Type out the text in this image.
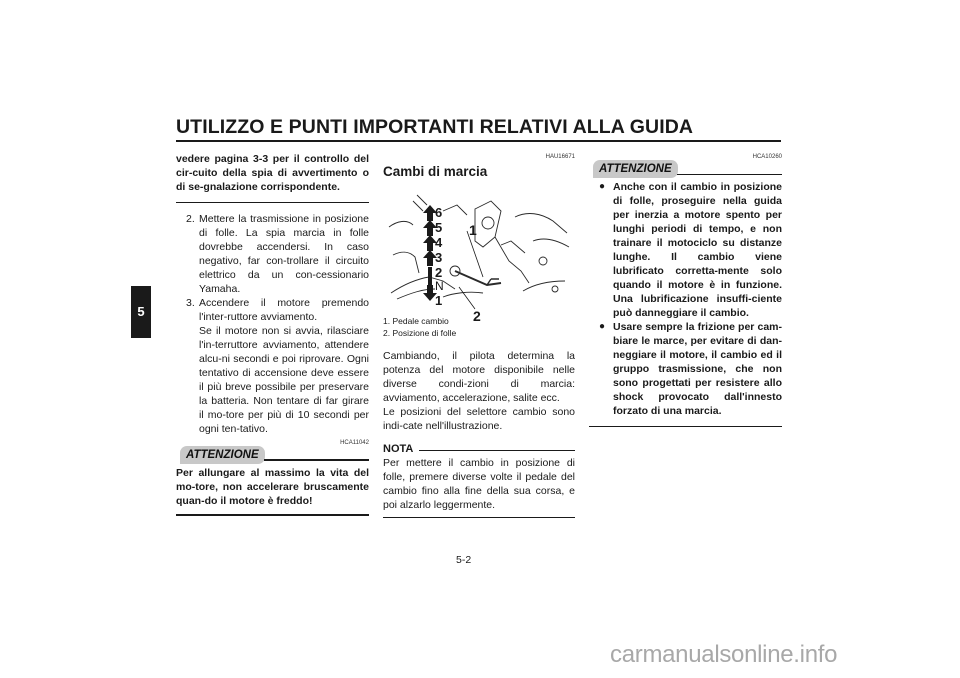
UTILIZZO E PUNTI IMPORTANTI RELATIVI ALLA GUIDA
5
vedere pagina 3-3 per il controllo del cir-cuito della spia di avvertimento o di se-gnalazione corrispondente.
2. Mettere la trasmissione in posizione di folle. La spia marcia in folle dovrebbe accendersi. In caso negativo, far con-trollare il circuito elettrico da un con-cessionario Yamaha.
3. Accendere il motore premendo l'inter-ruttore avviamento.
Se il motore non si avvia, rilasciare l'in-terruttore avviamento, attendere alcu-ni secondi e poi riprovare. Ogni tentativo di accensione deve essere il più breve possibile per preservare la batteria. Non tentare di far girare il mo-tore per più di 10 secondi per ogni ten-tativo.
ATTENZIONE
HCA11042
Per allungare al massimo la vita del mo-tore, non accelerare bruscamente quan-do il motore è freddo!
HAU16671
Cambi di marcia
6
5
4
3
2
N
1
1
2
1. Pedale cambio
2. Posizione di folle
Cambiando, il pilota determina la potenza del motore disponibile nelle diverse condi-zioni di marcia: avviamento, accelerazione, salite ecc.
Le posizioni del selettore cambio sono indi-cate nell'illustrazione.
NOTA
Per mettere il cambio in posizione di folle, premere diverse volte il pedale del cambio fino alla fine della sua corsa, e poi alzarlo leggermente.
HCA10260
ATTENZIONE
● Anche con il cambio in posizione di folle, proseguire nella guida per inerzia a motore spento per lunghi periodi di tempo, e non trainare il motociclo su distanze lunghe. Il cambio viene lubrificato corretta-mente solo quando il motore è in funzione. Una lubrificazione insuffi-ciente può danneggiare il cambio.
● Usare sempre la frizione per cam-biare le marce, per evitare di dan-neggiare il motore, il cambio ed il gruppo trasmissione, che non sono progettati per resistere allo shock provocato dall'innesto forzato di una marcia.
5-2
carmanualsonline.info
